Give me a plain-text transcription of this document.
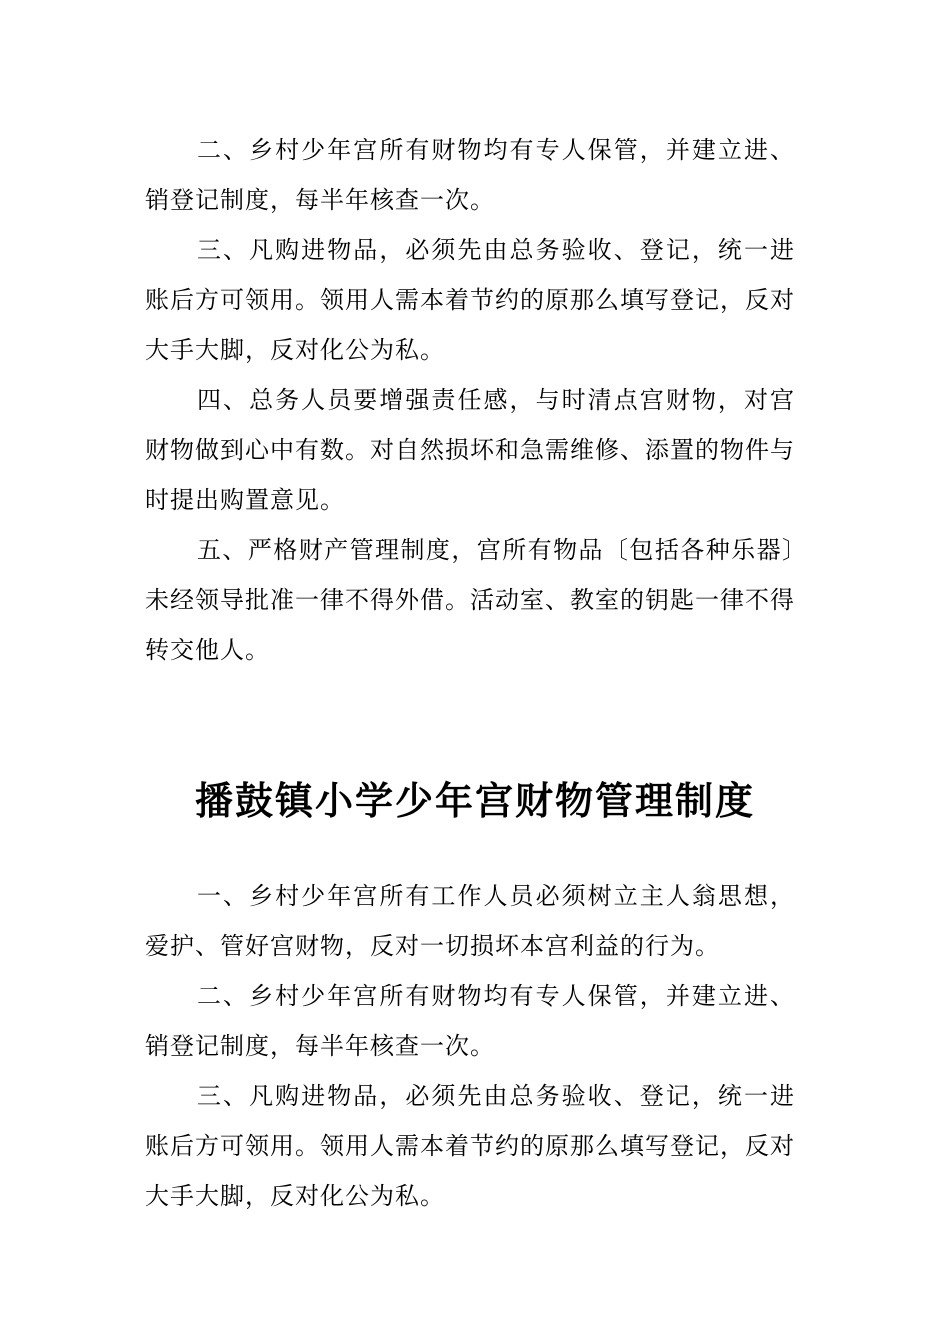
二、乡村少年宫所有财物均有专人保管，并建立进、销登记制度，每半年核查一次。

三、凡购进物品，必须先由总务验收、登记，统一进账后方可领用。领用人需本着节约的原那么填写登记，反对大手大脚，反对化公为私。

四、总务人员要增强责任感，与时清点宫财物，对宫财物做到心中有数。对自然损坏和急需维修、添置的物件与时提出购置意见。

五、严格财产管理制度，宫所有物品〔包括各种乐器〕未经领导批准一律不得外借。活动室、教室的钥匙一律不得转交他人。

播鼓镇小学少年宫财物管理制度

一、乡村少年宫所有工作人员必须树立主人翁思想，爱护、管好宫财物，反对一切损坏本宫利益的行为。

二、乡村少年宫所有财物均有专人保管，并建立进、销登记制度，每半年核查一次。

三、凡购进物品，必须先由总务验收、登记，统一进账后方可领用。领用人需本着节约的原那么填写登记，反对大手大脚，反对化公为私。
